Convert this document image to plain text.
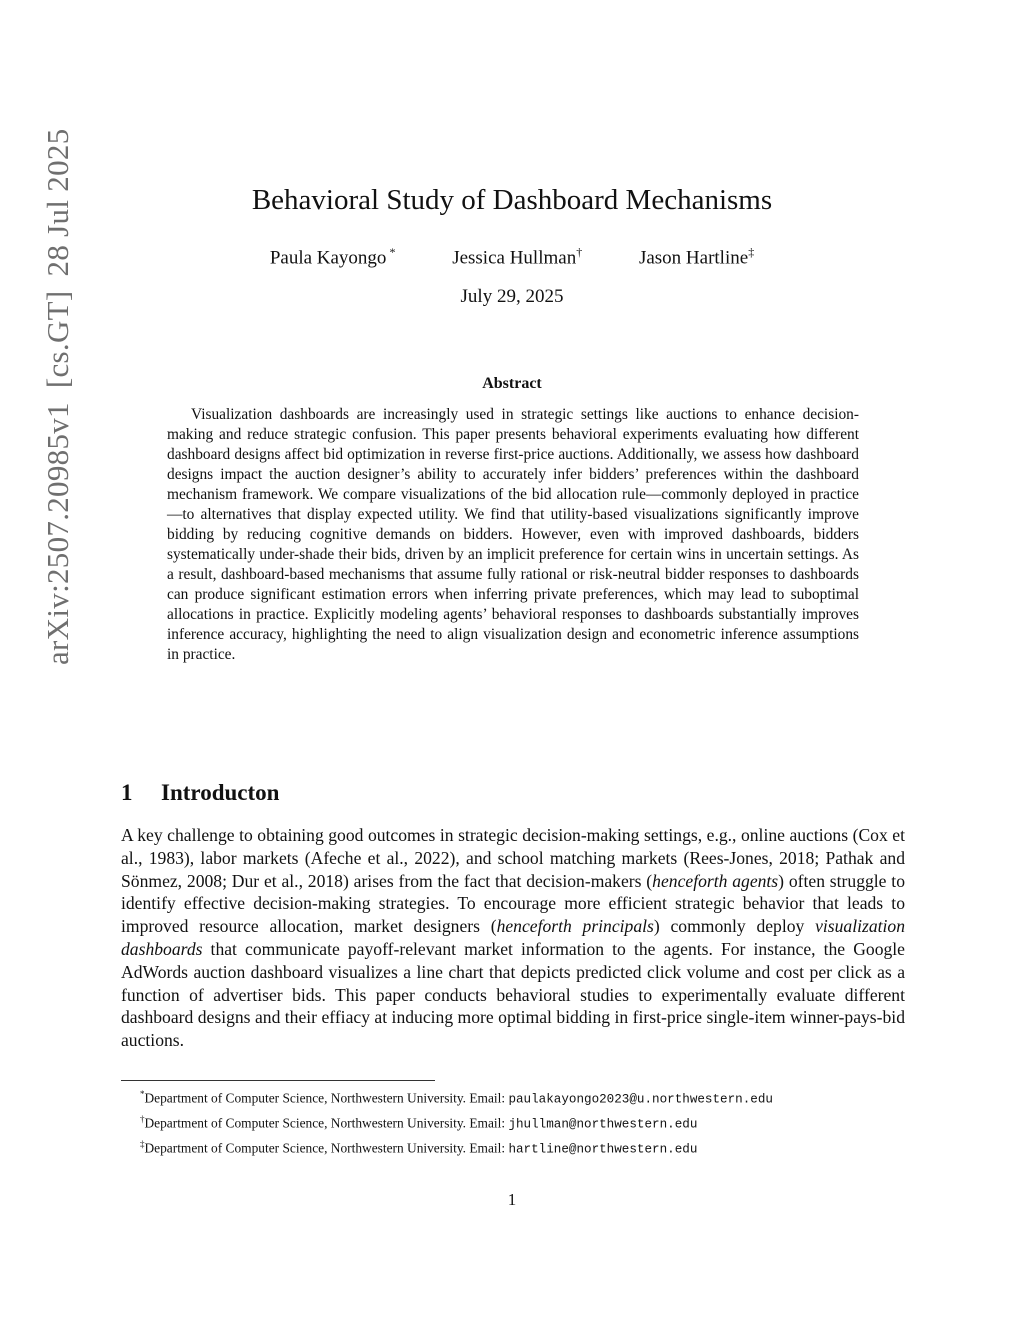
arXiv:2507.20985v1[cs.GT]28 Jul 2025	Behavioral Study of Dashboard Mechanisms
Paula Kayongo *	Jessica Hullman†	Jason Hartline‡
July 29, 2025
Abstract
Visualization dashboards are increasingly used in strategic settings like auctions to enhance decision-making and reduce strategic confusion. This paper presents behavioral experiments evaluating how different dashboard designs affect bid optimization in reverse first-price auctions. Additionally, we assess how dashboard designs impact the auction designer’s ability to accurately infer bidders’ preferences within the dashboard mechanism framework. We compare visualizations of the bid allocation rule—commonly deployed in practice—to alternatives that display expected utility. We find that utility-based visualizations significantly improve bidding by reducing cognitive demands on bidders. However, even with improved dashboards, bidders systematically under-shade their bids, driven by an implicit preference for certain wins in uncertain settings. As a result, dashboard-based mechanisms that assume fully rational or risk-neutral bidder responses to dashboards can produce significant estimation errors when inferring private preferences, which may lead to suboptimal allocations in practice. Explicitly modeling agents’ behavioral responses to dashboards substantially improves inference accuracy, highlighting the need to align visualization design and econometric inference assumptions in practice.
1 Introducton
A key challenge to obtaining good outcomes in strategic decision-making settings, e.g., online auctions (Cox et al., 1983), labor markets (Afeche et al., 2022), and school matching markets (Rees-Jones, 2018; Pathak and Sönmez, 2008; Dur et al., 2018) arises from the fact that decision-makers (henceforth agents) often struggle to identify effective decision-making strategies. To encourage more efficient strategic behavior that leads to improved resource allocation, market designers (henceforth principals) commonly deploy visualization dashboards that communicate payoff-relevant market information to the agents. For instance, the Google AdWords auction dashboard visualizes a line chart that depicts predicted click volume and cost per click as a function of advertiser bids. This paper conducts behavioral studies to experimentally evaluate different dashboard designs and their effiacy at inducing more optimal bidding in first-price single-item winner-pays-bid auctions.
*Department of Computer Science, Northwestern University. Email: paulakayongo2023@u.northwestern.edu
†Department of Computer Science, Northwestern University. Email: jhullman@northwestern.edu
‡Department of Computer Science, Northwestern University. Email: hartline@northwestern.edu
1
